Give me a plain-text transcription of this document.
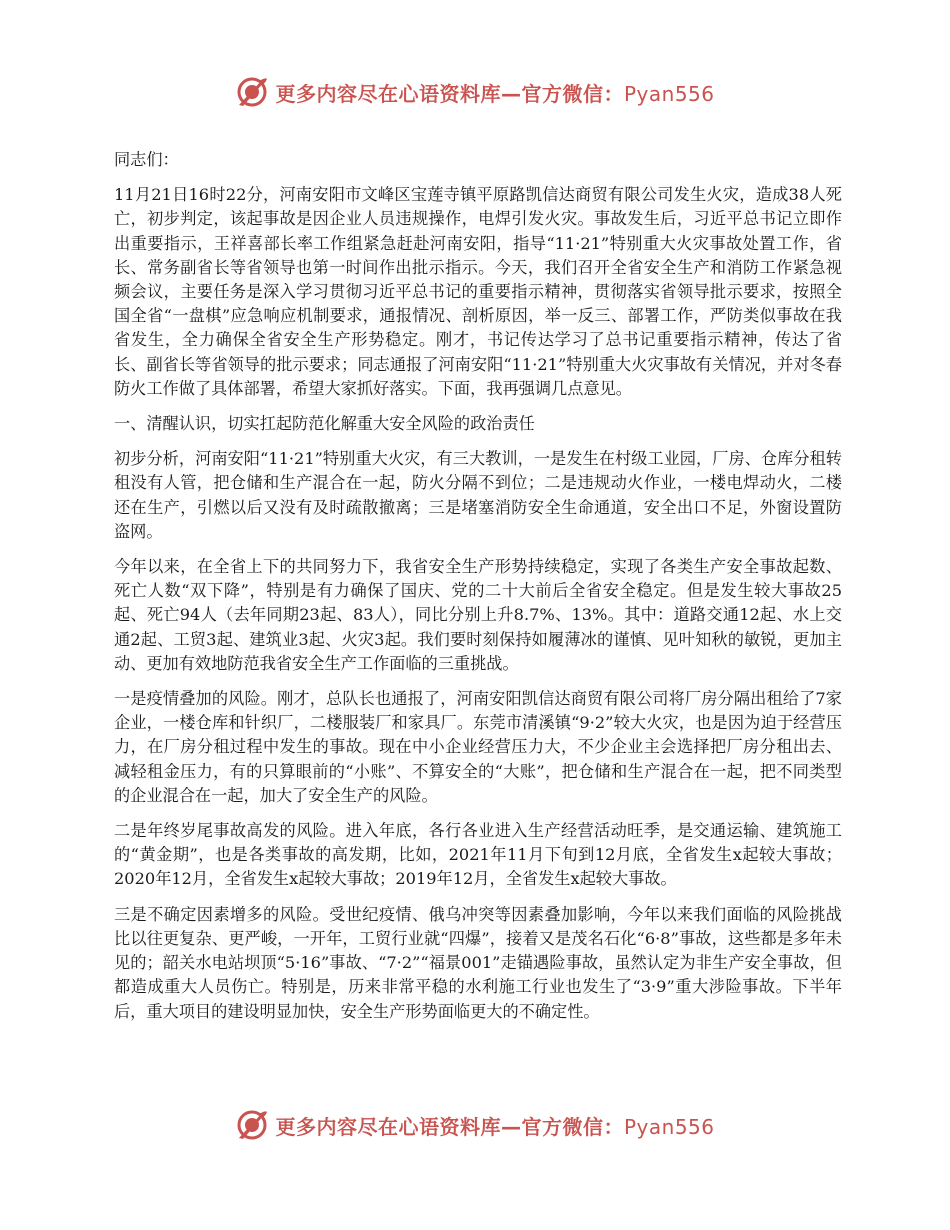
更多内容尽在心语资料库—官方微信：Pyan556

同志们：

11月21日16时22分，河南安阳市文峰区宝莲寺镇平原路凯信达商贸有限公司发生火灾，造成38人死亡，初步判定，该起事故是因企业人员违规操作，电焊引发火灾。事故发生后，习近平总书记立即作出重要指示，王祥喜部长率工作组紧急赶赴河南安阳，指导“11·21”特别重大火灾事故处置工作，省长、常务副省长等省领导也第一时间作出批示指示。今天，我们召开全省安全生产和消防工作紧急视频会议，主要任务是深入学习贯彻习近平总书记的重要指示精神，贯彻落实省领导批示要求，按照全国全省“一盘棋”应急响应机制要求，通报情况、剖析原因，举一反三、部署工作，严防类似事故在我省发生，全力确保全省安全生产形势稳定。刚才，书记传达学习了总书记重要指示精神，传达了省长、副省长等省领导的批示要求；同志通报了河南安阳“11·21”特别重大火灾事故有关情况，并对冬春防火工作做了具体部署，希望大家抓好落实。下面，我再强调几点意见。

一、清醒认识，切实扛起防范化解重大安全风险的政治责任

初步分析，河南安阳“11·21”特别重大火灾，有三大教训，一是发生在村级工业园，厂房、仓库分租转租没有人管，把仓储和生产混合在一起，防火分隔不到位；二是违规动火作业，一楼电焊动火，二楼还在生产，引燃以后又没有及时疏散撤离；三是堵塞消防安全生命通道，安全出口不足，外窗设置防盗网。

今年以来，在全省上下的共同努力下，我省安全生产形势持续稳定，实现了各类生产安全事故起数、死亡人数“双下降”，特别是有力确保了国庆、党的二十大前后全省安全稳定。但是发生较大事故25起、死亡94人（去年同期23起、83人），同比分别上升8.7%、13%。其中：道路交通12起、水上交通2起、工贸3起、建筑业3起、火灾3起。我们要时刻保持如履薄冰的谨慎、见叶知秋的敏锐，更加主动、更加有效地防范我省安全生产工作面临的三重挑战。

一是疫情叠加的风险。刚才，总队长也通报了，河南安阳凯信达商贸有限公司将厂房分隔出租给了7家企业，一楼仓库和针织厂，二楼服装厂和家具厂。东莞市清溪镇“9·2”较大火灾，也是因为迫于经营压力，在厂房分租过程中发生的事故。现在中小企业经营压力大，不少企业主会选择把厂房分租出去、减轻租金压力，有的只算眼前的“小账”、不算安全的“大账”，把仓储和生产混合在一起，把不同类型的企业混合在一起，加大了安全生产的风险。

二是年终岁尾事故高发的风险。进入年底，各行各业进入生产经营活动旺季，是交通运输、建筑施工的“黄金期”，也是各类事故的高发期，比如，2021年11月下旬到12月底，全省发生x起较大事故；2020年12月，全省发生x起较大事故；2019年12月，全省发生x起较大事故。

三是不确定因素增多的风险。受世纪疫情、俄乌冲突等因素叠加影响，今年以来我们面临的风险挑战比以往更复杂、更严峻，一开年，工贸行业就“四爆”，接着又是茂名石化“6·8”事故，这些都是多年未见的；韶关水电站坝顶“5·16”事故、“7·2”“福景001”走锚遇险事故，虽然认定为非生产安全事故，但都造成重大人员伤亡。特别是，历来非常平稳的水利施工行业也发生了“3·9”重大涉险事故。下半年后，重大项目的建设明显加快，安全生产形势面临更大的不确定性。

更多内容尽在心语资料库—官方微信：Pyan556
